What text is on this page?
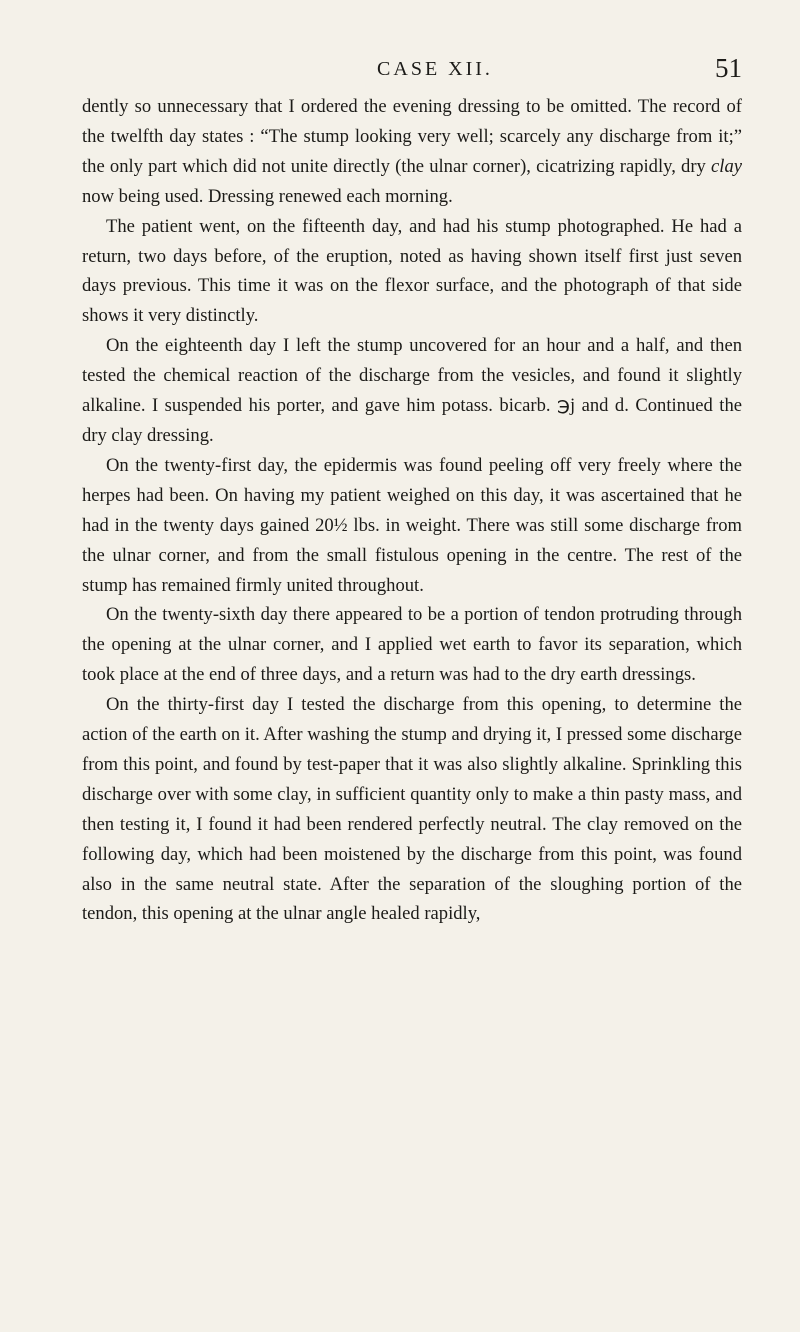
CASE XII.	51

dently so unnecessary that I ordered the evening dressing to be omitted. The record of the twelfth day states : “The stump looking very well; scarcely any discharge from it;” the only part which did not unite directly (the ulnar corner), cicatrizing rapidly, dry clay now being used. Dressing renewed each morning.

The patient went, on the fifteenth day, and had his stump photographed. He had a return, two days before, of the eruption, noted as having shown itself first just seven days previous. This time it was on the flexor surface, and the photograph of that side shows it very distinctly.

On the eighteenth day I left the stump uncovered for an hour and a half, and then tested the chemical reaction of the discharge from the vesicles, and found it slightly alkaline. I suspended his porter, and gave him potass. bicarb. ℈j and d. Continued the dry clay dressing.

On the twenty-first day, the epidermis was found peeling off very freely where the herpes had been. On having my patient weighed on this day, it was ascertained that he had in the twenty days gained 20½ lbs. in weight. There was still some discharge from the ulnar corner, and from the small fistulous opening in the centre. The rest of the stump has remained firmly united throughout.

On the twenty-sixth day there appeared to be a portion of tendon protruding through the opening at the ulnar corner, and I applied wet earth to favor its separation, which took place at the end of three days, and a return was had to the dry earth dressings.

On the thirty-first day I tested the discharge from this opening, to determine the action of the earth on it. After washing the stump and drying it, I pressed some discharge from this point, and found by test-paper that it was also slightly alkaline. Sprinkling this discharge over with some clay, in sufficient quantity only to make a thin pasty mass, and then testing it, I found it had been rendered perfectly neutral. The clay removed on the following day, which had been moistened by the discharge from this point, was found also in the same neutral state. After the separation of the sloughing portion of the tendon, this opening at the ulnar angle healed rapidly,
